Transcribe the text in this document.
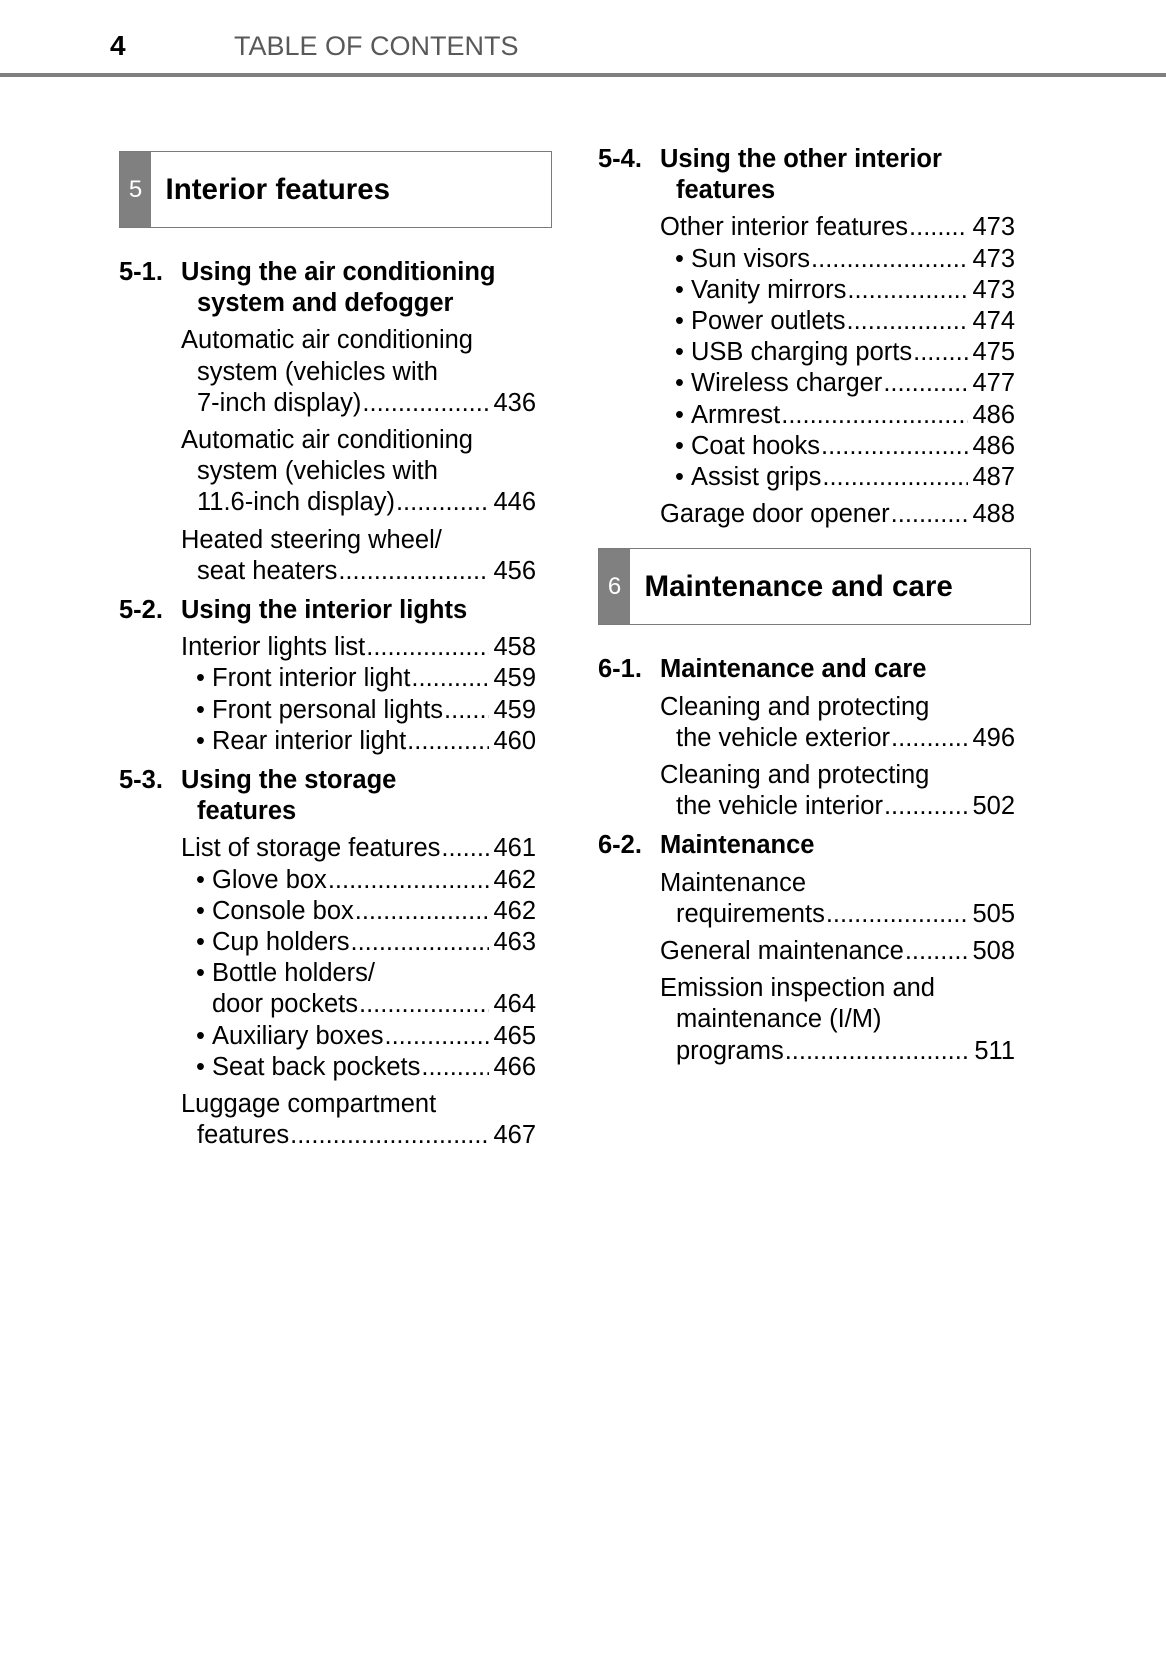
4	TABLE OF CONTENTS
5 Interior features
5-1. Using the air conditioning
system and defogger
Automatic air conditioning
system (vehicles with
7-inch display) .....	436
Automatic air conditioning
system (vehicles with
11.6-inch display) .....	446
Heated steering wheel/
seat heaters .....	456
5-2. Using the interior lights
Interior lights list .....	458
•
Front interior light .....	459
•
Front personal lights ..... 459
•
Rear interior light .....	460
5-3. Using the storage
features
List of storage features ..... 461
•
Glove box .....	462
•
Console box .....	462
•
Cup holders .....	463
•
Bottle holders/
door pockets .....	464
•
Auxiliary boxes .....	465
•
Seat back pockets .....	466
Luggage compartment
features .....	467
5-4. Using the other interior
features
Other interior features .....	473
•
Sun visors .....	473
•
Vanity mirrors .....	473
•
Power outlets .....	474
•
USB charging ports ..... 475
•
Wireless charger .....	477
•
Armrest .....	486
•
Coat hooks .....	486
•
Assist grips .....	487
Garage door opener .....	488
6 Maintenance and care
6-1. Maintenance and care
Cleaning and protecting
the vehicle exterior .....	496
Cleaning and protecting
the vehicle interior .....	502
6-2. Maintenance
Maintenance
requirements .....	505
General maintenance .....	508
Emission inspection and
maintenance (I/M)
programs .....	511
